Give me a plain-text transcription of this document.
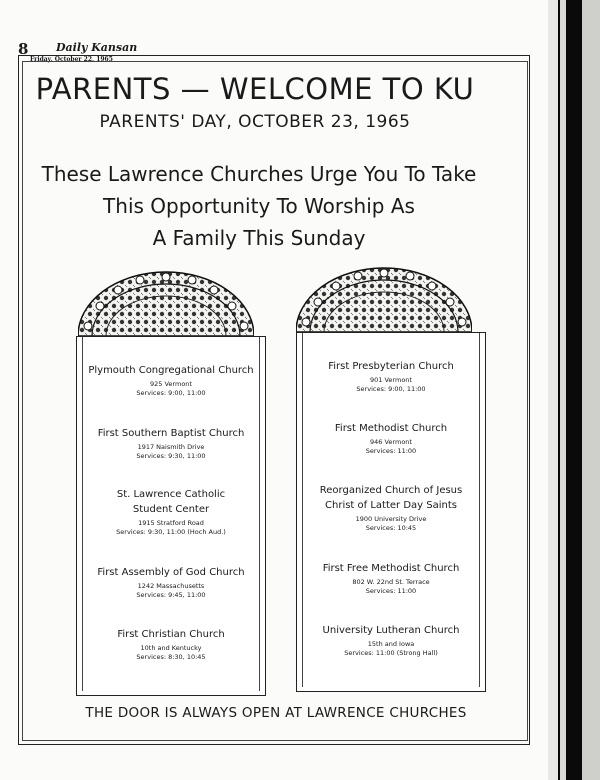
8	Daily Kansan
Friday, October 22, 1965
PARENTS — WELCOME TO KU
PARENTS' DAY, OCTOBER 23, 1965
These Lawrence Churches Urge You To Take
This Opportunity To Worship As
A Family This Sunday
Plymouth Congregational Church
925 Vermont
Services: 9:00, 11:00
First Southern Baptist Church
1917 Naismith Drive
Services: 9:30, 11:00
St. Lawrence Catholic
Student Center
1915 Stratford Road
Services: 9:30, 11:00 (Hoch Aud.)
First Assembly of God Church
1242 Massachusetts
Services: 9:45, 11:00
First Christian Church
10th and Kentucky
Services: 8:30, 10:45
First Presbyterian Church
901 Vermont
Services: 9:00, 11:00
First Methodist Church
946 Vermont
Services: 11:00
Reorganized Church of Jesus
Christ of Latter Day Saints
1900 University Drive
Services: 10:45
First Free Methodist Church
802 W. 22nd St. Terrace
Services: 11:00
University Lutheran Church
15th and Iowa
Services: 11:00 (Strong Hall)
THE DOOR IS ALWAYS OPEN AT LAWRENCE CHURCHES
